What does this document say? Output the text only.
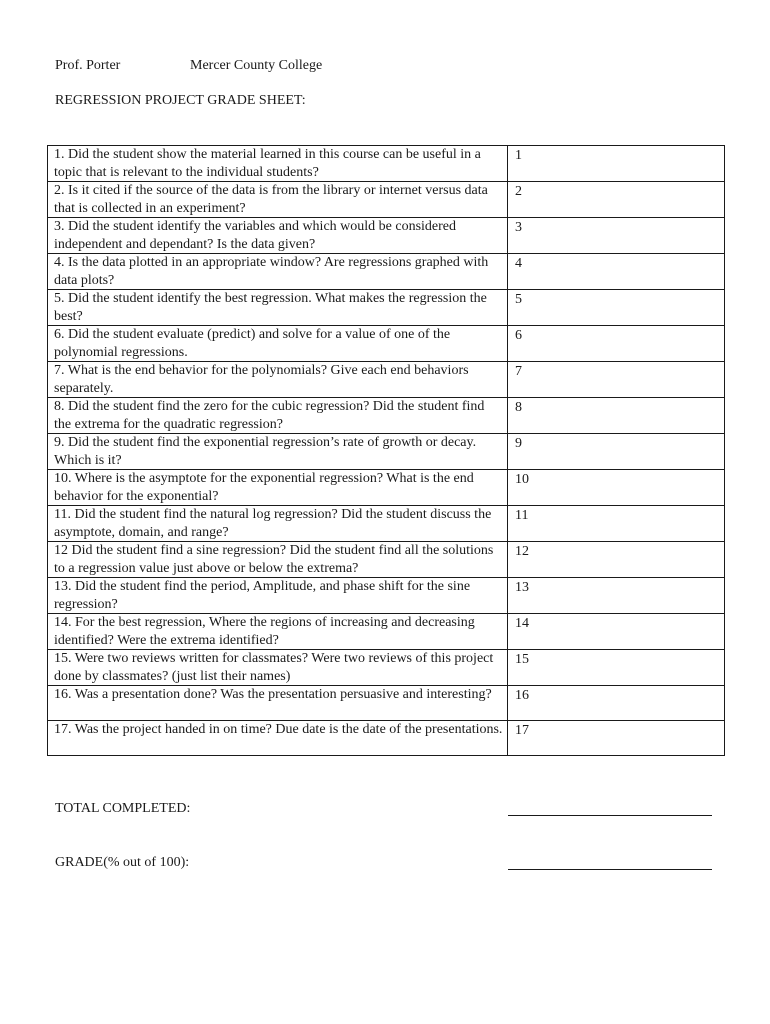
Prof. Porter	Mercer County College
REGRESSION PROJECT GRADE SHEET:
1. Did the student show the material learned in this course can be useful in a topic that is relevant to the individual students?	1
2. Is it cited if the source of the data is from the library or internet versus data that is collected in an experiment?	2
3. Did the student identify the variables and which would be considered independent and dependant? Is the data given?	3
4. Is the data plotted in an appropriate window? Are regressions graphed with data plots?	4
5. Did the student identify the best regression. What makes the regression the best?	5
6. Did the student evaluate (predict) and solve for a value of one of the polynomial regressions.	6
7. What is the end behavior for the polynomials? Give each end behaviors separately.	7
8. Did the student find the zero for the cubic regression? Did the student find the extrema for the quadratic regression?	8
9. Did the student find the exponential regression’s rate of growth or decay. Which is it?	9
10. Where is the asymptote for the exponential regression? What is the end behavior for the exponential?	10
11. Did the student find the natural log regression? Did the student discuss the asymptote, domain, and range?	11
12 Did the student find a sine regression? Did the student find all the solutions to a regression value just above or below the extrema?	12
13. Did the student find the period, Amplitude, and phase shift for the sine regression?	13
14. For the best regression, Where the regions of increasing and decreasing identified? Were the extrema identified?	14
15. Were two reviews written for classmates? Were two reviews of this project done by classmates? (just list their names)	15
16. Was a presentation done? Was the presentation persuasive and interesting?	16
17. Was the project handed in on time? Due date is the date of the presentations.	17
TOTAL COMPLETED:
GRADE(% out of 100):
